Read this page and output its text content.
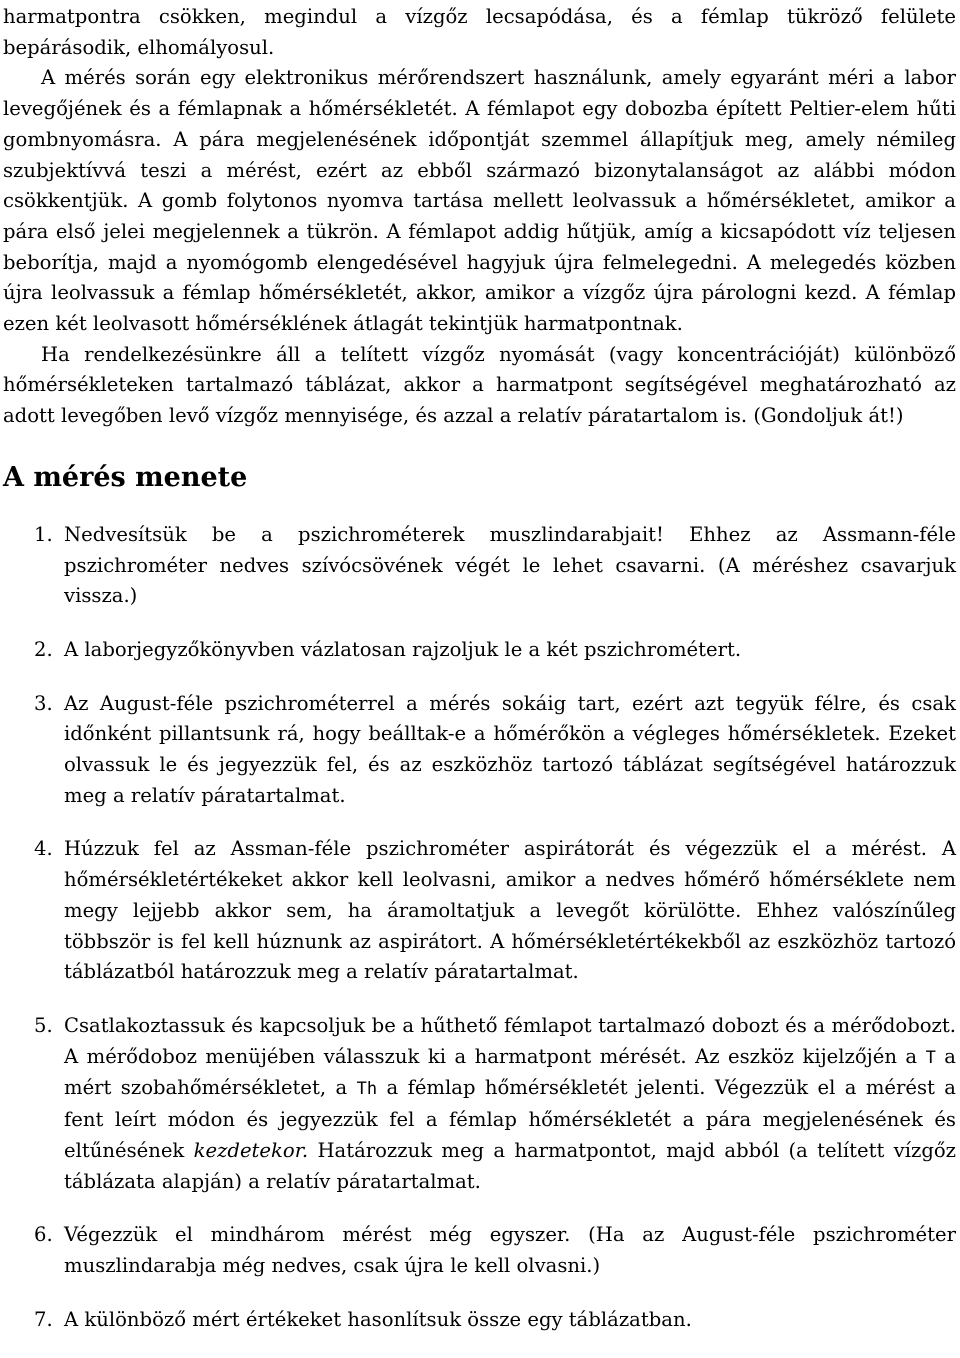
harmatpontra csökken, megindul a vízgőz lecsapódása, és a fémlap tükröző felülete bepárásodik, elhomályosul.

A mérés során egy elektronikus mérőrendszert használunk, amely egyaránt méri a labor levegőjének és a fémlapnak a hőmérsékletét. A fémlapot egy dobozba épített Peltier-elem hűti gombnyomásra. A pára megjelenésének időpontját szemmel állapítjuk meg, amely némileg szubjektívvá teszi a mérést, ezért az ebből származó bizonytalanságot az alábbi módon csökkentjük. A gomb folytonos nyomva tartása mellett leolvassuk a hőmérsékletet, amikor a pára első jelei megjelennek a tükrön. A fémlapot addig hűtjük, amíg a kicsapódott víz teljesen beborítja, majd a nyomógomb elengedésével hagyjuk újra felmelegedni. A melegedés közben újra leolvassuk a fémlap hőmérsékletét, akkor, amikor a vízgőz újra párologni kezd. A fémlap ezen két leolvasott hőmérséklének átlagát tekintjük harmatpontnak.

Ha rendelkezésünkre áll a telített vízgőz nyomását (vagy koncentrációját) különböző hőmérsékleteken tartalmazó táblázat, akkor a harmatpont segítségével meghatározható az adott levegőben levő vízgőz mennyisége, és azzal a relatív páratartalom is. (Gondoljuk át!)

A mérés menete
1. Nedvesítsük be a pszichrométerek muszlindarabjait! Ehhez az Assmann-féle pszichrométer nedves szívócsövének végét le lehet csavarni. (A méréshez csavarjuk vissza.)

2. A laborjegyzőkönyvben vázlatosan rajzoljuk le a két pszichrométert.

3. Az August-féle pszichrométerrel a mérés sokáig tart, ezért azt tegyük félre, és csak időnként pillantsunk rá, hogy beálltak-e a hőmérőkön a végleges hőmérsékletek. Ezeket olvassuk le és jegyezzük fel, és az eszközhöz tartozó táblázat segítségével határozzuk meg a relatív páratartalmat.

4. Húzzuk fel az Assman-féle pszichrométer aspirátorát és végezzük el a mérést. A hőmérsékletértékeket akkor kell leolvasni, amikor a nedves hőmérő hőmérséklete nem megy lejjebb akkor sem, ha áramoltatjuk a levegőt körülötte. Ehhez valószínűleg többször is fel kell húznunk az aspirátort. A hőmérsékletértékekből az eszközhöz tartozó táblázatból határozzuk meg a relatív páratartalmat.

5. Csatlakoztassuk és kapcsoljuk be a hűthető fémlapot tartalmazó dobozt és a mérődobozt. A mérődoboz menüjében válasszuk ki a harmatpont mérését. Az eszköz kijelzőjén a T a mért szobahőmérsékletet, a Th a fémlap hőmérsékletét jelenti. Végezzük el a mérést a fent leírt módon és jegyezzük fel a fémlap hőmérsékletét a pára megjelenésének és eltűnésének kezdetekor. Határozzuk meg a harmatpontot, majd abból (a telített vízgőz táblázata alapján) a relatív páratartalmat.

6. Végezzük el mindhárom mérést még egyszer. (Ha az August-féle pszichrométer muszlindarabja még nedves, csak újra le kell olvasni.)

7. A különböző mért értékeket hasonlítsuk össze egy táblázatban.
